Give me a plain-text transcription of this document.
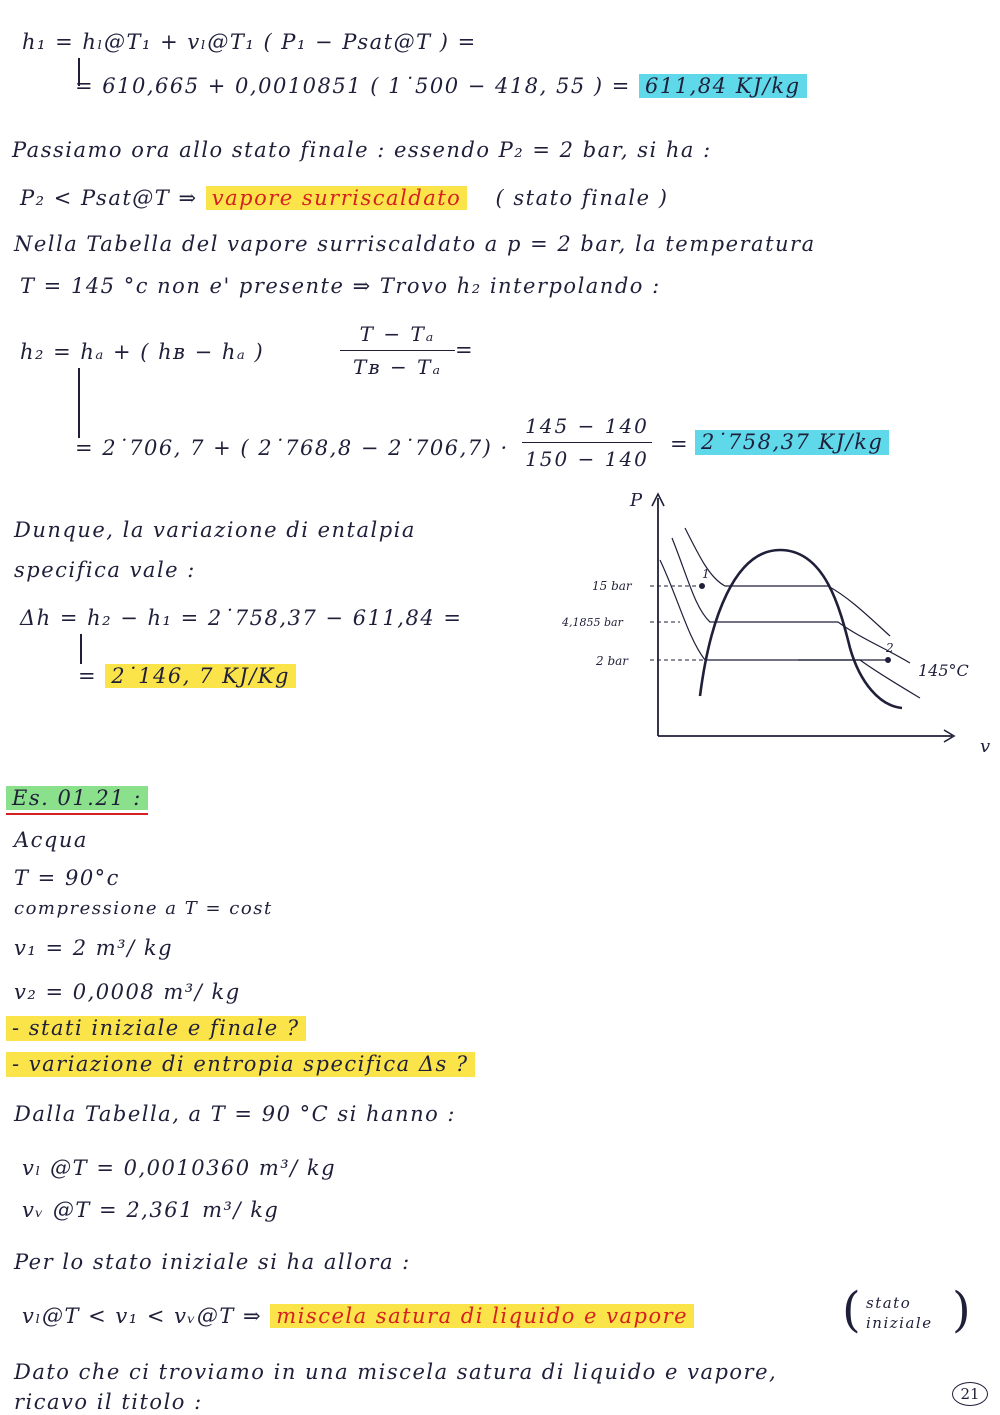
h₁ = hₗ@T₁ + vₗ@T₁ ( P₁ − Psat@T ) =
= 610,665 + 0,0010851 ( 1˙500 − 418, 55 ) = 611,84 KJ/kg
Passiamo ora allo stato finale : essendo P₂ = 2 bar, si ha :
P₂ < Psat@T ⇒ vapore surriscaldato ( stato finale )
Nella Tabella del vapore surriscaldato a p = 2 bar, la temperatura
T = 145 °c non e' presente ⇒ Trovo h₂ interpolando :
h₂ = hₐ + ( hʙ − hₐ )
T − Tₐ
Tʙ − Tₐ
=
= 2˙706, 7 + ( 2˙768,8 − 2˙706,7) ·
145 − 140
150 − 140
= 2˙758,37 KJ/kg
Dunque, la variazione di entalpia
specifica vale :
Δh = h₂ − h₁ = 2˙758,37 − 611,84 =
= 2˙146, 7 KJ/Kg
P
v
15 bar
4,1855 bar
2 bar
1
2
145°C
Es. 01.21 :
Acqua
T = 90°c
compressione a T = cost
v₁ = 2 m³/ kg
v₂ = 0,0008 m³/ kg
- stati iniziale e finale ?
- variazione di entropia specifica Δs ?
Dalla Tabella, a T = 90 °C si hanno :
vₗ @T = 0,0010360 m³/ kg
vᵥ @T = 2,361 m³/ kg
Per lo stato iniziale si ha allora :
vₗ@T < v₁ < vᵥ@T ⇒ miscela satura di liquido e vapore	( stato
iniziale )
Dato che ci troviamo in una miscela satura di liquido e vapore,
ricavo il titolo :	21
